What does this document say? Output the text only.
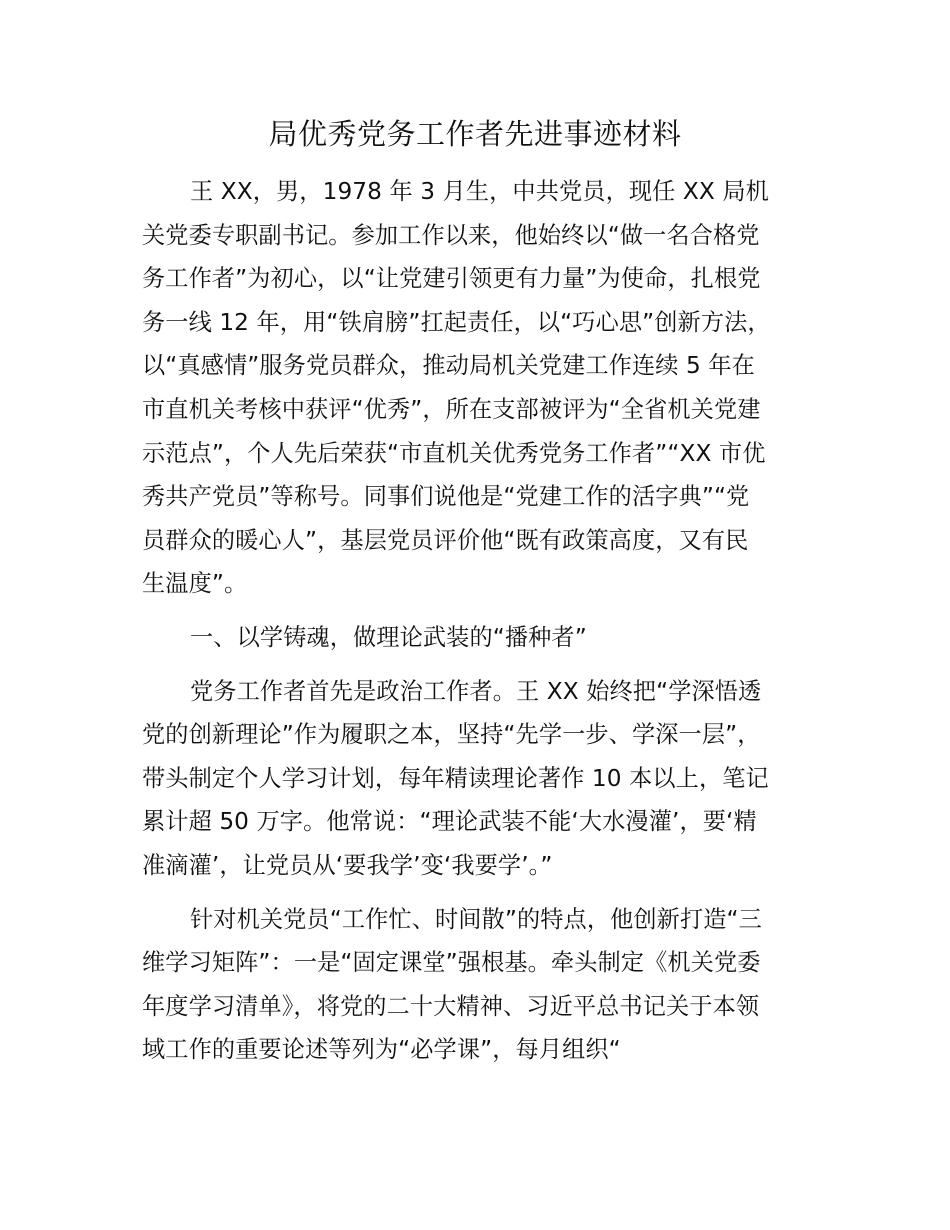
局优秀党务工作者先进事迹材料
王 XX，男，1978 年 3 月生，中共党员，现任 XX 局机
关党委专职副书记。参加工作以来，他始终以“做一名合格党
务工作者”为初心，以“让党建引领更有力量”为使命，扎根党
务一线 12 年，用“铁肩膀”扛起责任，以“巧心思”创新方法，
以“真感情”服务党员群众，推动局机关党建工作连续 5 年在
市直机关考核中获评“优秀”，所在支部被评为“全省机关党建
示范点”，个人先后荣获“市直机关优秀党务工作者”“XX 市优
秀共产党员”等称号。同事们说他是“党建工作的活字典”“党
员群众的暖心人”，基层党员评价他“既有政策高度，又有民
生温度”。
一、以学铸魂，做理论武装的“播种者”
党务工作者首先是政治工作者。王 XX 始终把“学深悟透
党的创新理论”作为履职之本，坚持“先学一步、学深一层”，
带头制定个人学习计划，每年精读理论著作 10 本以上，笔记
累计超 50 万字。他常说：“理论武装不能‘大水漫灌’，要‘精
准滴灌’，让党员从‘要我学’变‘我要学’。”
针对机关党员“工作忙、时间散”的特点，他创新打造“三
维学习矩阵”：一是“固定课堂”强根基。牵头制定《机关党委
年度学习清单》，将党的二十大精神、习近平总书记关于本领
域工作的重要论述等列为“必学课”，每月组织“
